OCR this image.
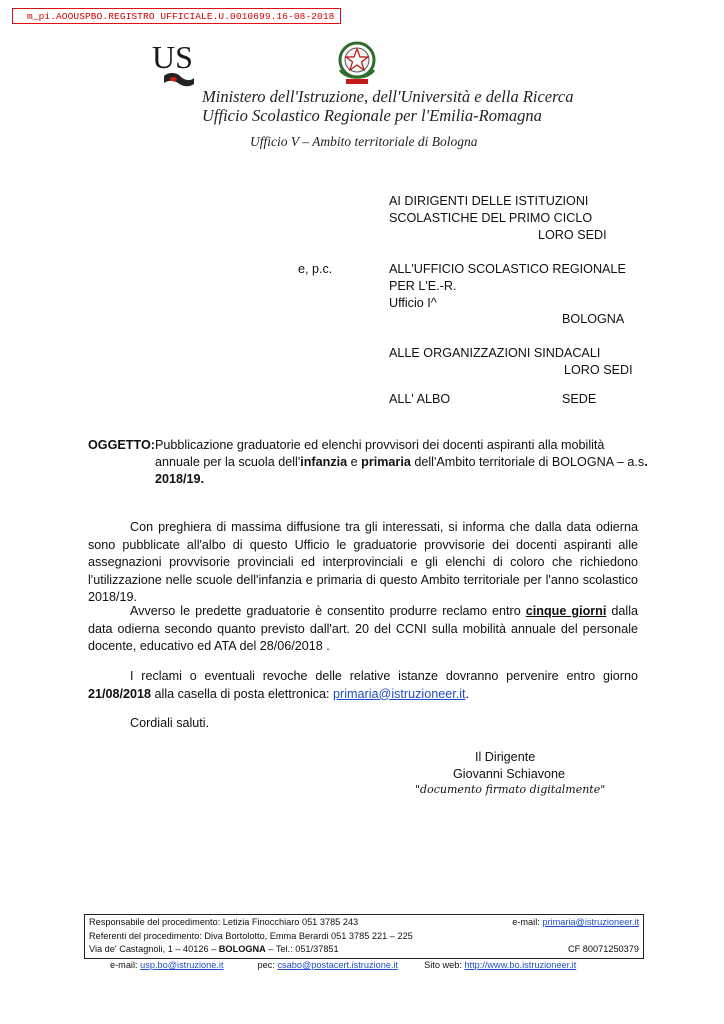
m_pi.AOOUSPBO.REGISTRO UFFICIALE.U.0010699.16-08-2018
US
Ministero dell'Istruzione, dell'Università e della Ricerca
Ufficio Scolastico Regionale per l'Emilia-Romagna
Ufficio V – Ambito territoriale di Bologna
AI DIRIGENTI DELLE ISTITUZIONI
SCOLASTICHE DEL PRIMO CICLO
LORO SEDI
e, p.c.	ALL'UFFICIO SCOLASTICO REGIONALE
PER L'E.-R.
Ufficio I^
BOLOGNA
ALLE ORGANIZZAZIONI SINDACALI
LORO SEDI
ALL' ALBO	SEDE
OGGETTO: Pubblicazione graduatorie ed elenchi provvisori dei docenti aspiranti alla mobilità
annuale per la scuola dell'infanzia e primaria dell'Ambito territoriale di BOLOGNA – a.s.
2018/19.
Con preghiera di massima diffusione tra gli interessati, si informa che dalla data odierna sono pubblicate all'albo di questo Ufficio le graduatorie provvisorie dei docenti aspiranti alle assegnazioni provvisorie provinciali ed interprovinciali e gli elenchi di coloro che richiedono l'utilizzazione nelle scuole dell'infanzia e primaria di questo Ambito territoriale per l'anno scolastico 2018/19.
Avverso le predette graduatorie è consentito produrre reclamo entro cinque giorni dalla data odierna secondo quanto previsto dall'art. 20 del CCNI sulla mobilità annuale del personale docente, educativo ed ATA del 28/06/2018 .
I reclami o eventuali revoche delle relative istanze dovranno pervenire entro giorno 21/08/2018 alla casella di posta elettronica: primaria@istruzioneer.it.
Cordiali saluti.
Il Dirigente
Giovanni Schiavone
"documento firmato digitalmente"
Responsabile del procedimento: Letizia Finocchiaro 051 3785 243	e-mail: primaria@istruzioneer.it
Referenti del procedimento: Diva Bortolotto, Emma Berardi 051 3785 221 – 225
Via de' Castagnoli, 1 – 40126 – BOLOGNA – Tel.: 051/37851	CF 80071250379
e-mail: usp.bo@istruzione.it	pec: csabo@postacert.istruzione.it	Sito web: http://www.bo.istruzioneer.it
